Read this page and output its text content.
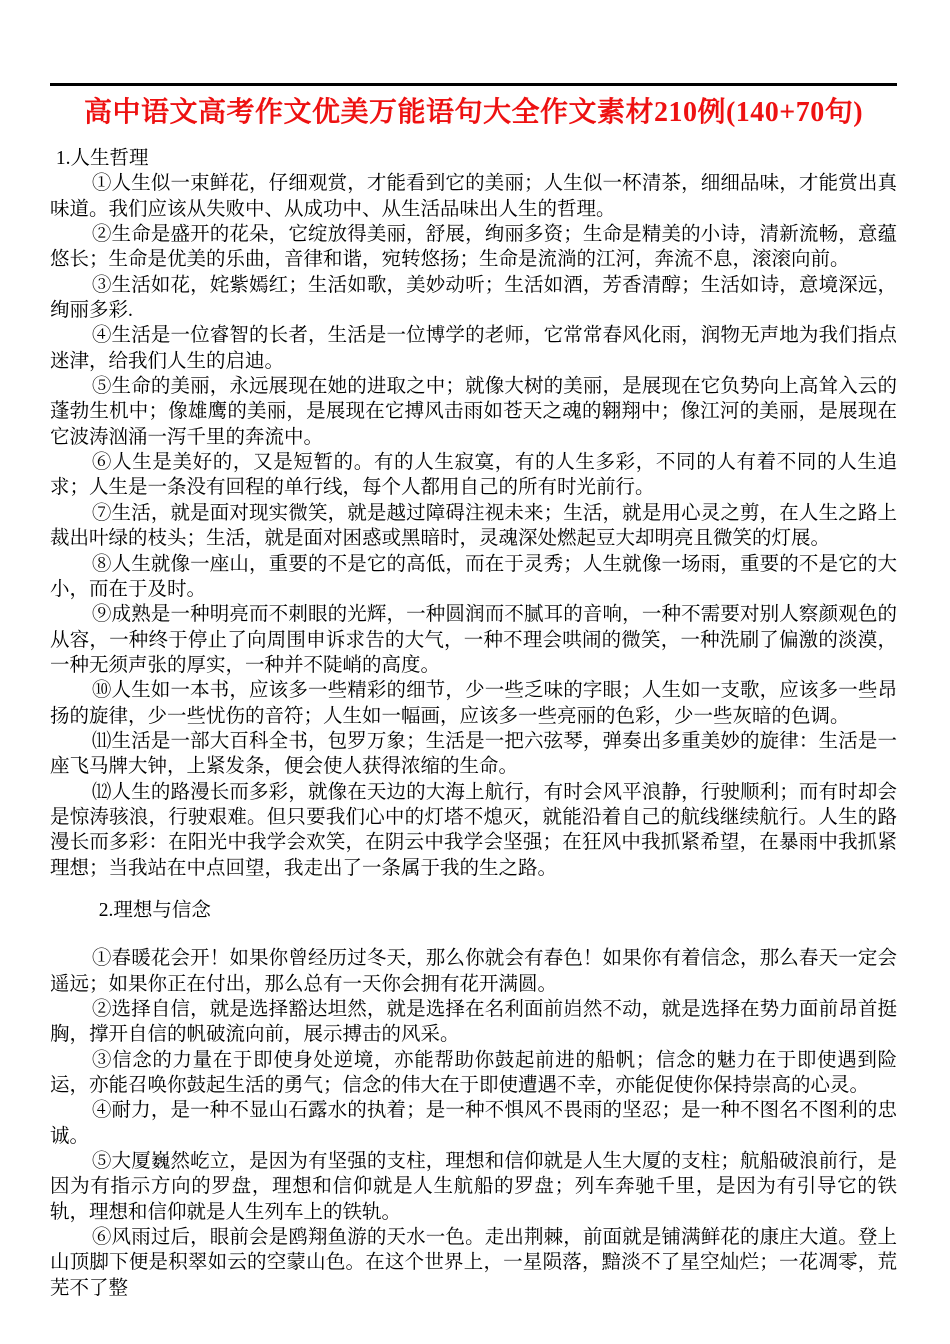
高中语文高考作文优美万能语句大全作文素材210例(140+70句)

1.人生哲理

①人生似一束鲜花，仔细观赏，才能看到它的美丽；人生似一杯清茶，细细品味，才能赏出真味道。我们应该从失败中、从成功中、从生活品味出人生的哲理。

②生命是盛开的花朵，它绽放得美丽，舒展，绚丽多资；生命是精美的小诗，清新流畅，意蕴悠长；生命是优美的乐曲，音律和谐，宛转悠扬；生命是流淌的江河，奔流不息，滚滚向前。

③生活如花，姹紫嫣红；生活如歌，美妙动听；生活如酒，芳香清醇；生活如诗，意境深远，绚丽多彩.

④生活是一位睿智的长者，生活是一位博学的老师，它常常春风化雨，润物无声地为我们指点迷津，给我们人生的启迪。

⑤生命的美丽，永远展现在她的进取之中；就像大树的美丽，是展现在它负势向上高耸入云的蓬勃生机中；像雄鹰的美丽，是展现在它搏风击雨如苍天之魂的翱翔中；像江河的美丽，是展现在它波涛汹涌一泻千里的奔流中。

⑥人生是美好的，又是短暂的。有的人生寂寞，有的人生多彩，不同的人有着不同的人生追求；人生是一条没有回程的单行线，每个人都用自己的所有时光前行。

⑦生活，就是面对现实微笑，就是越过障碍注视未来；生活，就是用心灵之剪，在人生之路上裁出叶绿的枝头；生活，就是面对困惑或黑暗时，灵魂深处燃起豆大却明亮且微笑的灯展。

⑧人生就像一座山，重要的不是它的高低，而在于灵秀；人生就像一场雨，重要的不是它的大小，而在于及时。

⑨成熟是一种明亮而不刺眼的光辉，一种圆润而不腻耳的音响，一种不需要对别人察颜观色的从容，一种终于停止了向周围申诉求告的大气，一种不理会哄闹的微笑，一种洗刷了偏激的淡漠，一种无须声张的厚实，一种并不陡峭的高度。

⑩人生如一本书，应该多一些精彩的细节，少一些乏味的字眼；人生如一支歌，应该多一些昂扬的旋律，少一些忧伤的音符；人生如一幅画，应该多一些亮丽的色彩，少一些灰暗的色调。

⑾生活是一部大百科全书，包罗万象；生活是一把六弦琴，弹奏出多重美妙的旋律：生活是一座飞马牌大钟，上紧发条，便会使人获得浓缩的生命。

⑿人生的路漫长而多彩，就像在天边的大海上航行，有时会风平浪静，行驶顺利；而有时却会是惊涛骇浪，行驶艰难。但只要我们心中的灯塔不熄灭，就能沿着自己的航线继续航行。人生的路漫长而多彩：在阳光中我学会欢笑，在阴云中我学会坚强；在狂风中我抓紧希望，在暴雨中我抓紧理想；当我站在中点回望，我走出了一条属于我的生之路。

2.理想与信念

①春暖花会开！如果你曾经历过冬天，那么你就会有春色！如果你有着信念，那么春天一定会遥远；如果你正在付出，那么总有一天你会拥有花开满圆。

②选择自信，就是选择豁达坦然，就是选择在名利面前岿然不动，就是选择在势力面前昂首挺胸，撑开自信的帆破流向前，展示搏击的风采。

③信念的力量在于即使身处逆境，亦能帮助你鼓起前进的船帆；信念的魅力在于即使遇到险运，亦能召唤你鼓起生活的勇气；信念的伟大在于即使遭遇不幸，亦能促使你保持崇高的心灵。

④耐力，是一种不显山石露水的执着；是一种不惧风不畏雨的坚忍；是一种不图名不图利的忠诚。

⑤大厦巍然屹立，是因为有坚强的支柱，理想和信仰就是人生大厦的支柱；航船破浪前行，是因为有指示方向的罗盘，理想和信仰就是人生航船的罗盘；列车奔驰千里，是因为有引导它的铁轨，理想和信仰就是人生列车上的铁轨。

⑥风雨过后，眼前会是鸥翔鱼游的天水一色。走出荆棘，前面就是铺满鲜花的康庄大道。登上山顶脚下便是积翠如云的空蒙山色。在这个世界上，一星陨落，黯淡不了星空灿烂；一花凋零，荒芜不了整
